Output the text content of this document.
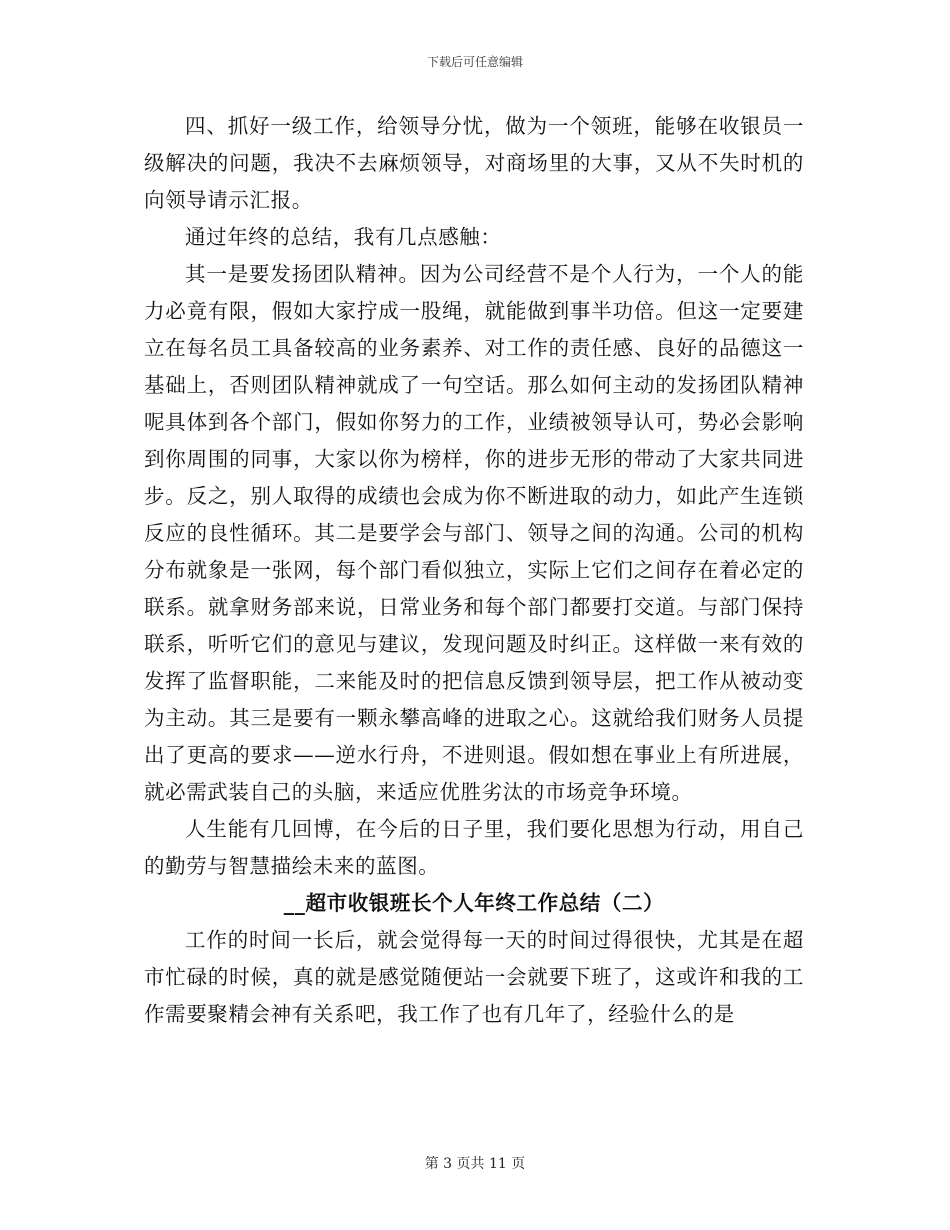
下载后可任意编辑

四、抓好一级工作，给领导分忧，做为一个领班，能够在收银员一级解决的问题，我决不去麻烦领导，对商场里的大事，又从不失时机的向领导请示汇报。

通过年终的总结，我有几点感触：

其一是要发扬团队精神。因为公司经营不是个人行为，一个人的能力必竟有限，假如大家拧成一股绳，就能做到事半功倍。但这一定要建立在每名员工具备较高的业务素养、对工作的责任感、良好的品德这一基础上，否则团队精神就成了一句空话。那么如何主动的发扬团队精神呢具体到各个部门，假如你努力的工作，业绩被领导认可，势必会影响到你周围的同事，大家以你为榜样，你的进步无形的带动了大家共同进步。反之，别人取得的成绩也会成为你不断进取的动力，如此产生连锁反应的良性循环。其二是要学会与部门、领导之间的沟通。公司的机构分布就象是一张网，每个部门看似独立，实际上它们之间存在着必定的联系。就拿财务部来说，日常业务和每个部门都要打交道。与部门保持联系，听听它们的意见与建议，发现问题及时纠正。这样做一来有效的发挥了监督职能，二来能及时的把信息反馈到领导层，把工作从被动变为主动。其三是要有一颗永攀高峰的进取之心。这就给我们财务人员提出了更高的要求——逆水行舟，不进则退。假如想在事业上有所进展，就必需武装自己的头脑，来适应优胜劣汰的市场竞争环境。

人生能有几回博，在今后的日子里，我们要化思想为行动，用自己的勤劳与智慧描绘未来的蓝图。

__超市收银班长个人年终工作总结（二）

工作的时间一长后，就会觉得每一天的时间过得很快，尤其是在超市忙碌的时候，真的就是感觉随便站一会就要下班了，这或许和我的工作需要聚精会神有关系吧，我工作了也有几年了，经验什么的是

第 3 页共 11 页
